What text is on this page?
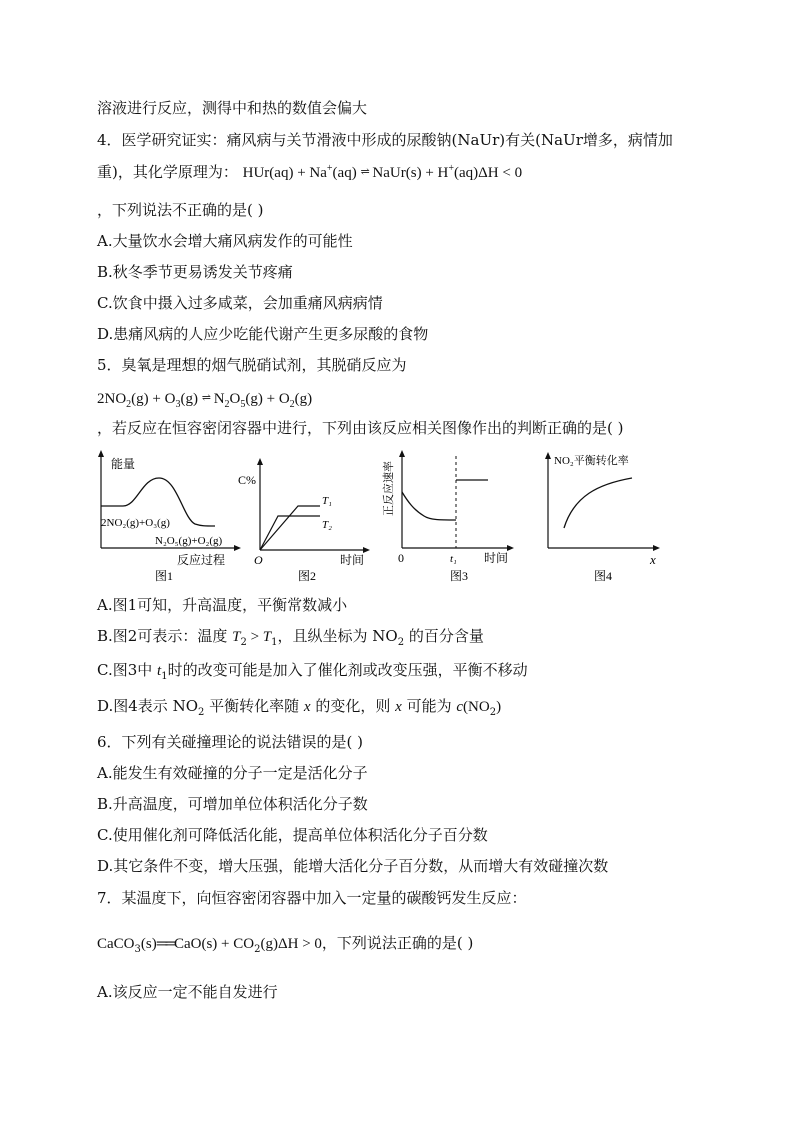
溶液进行反应，测得中和热的数值会偏大
4．医学研究证实：痛风病与关节滑液中形成的尿酸钠(NaUr)有关(NaUr增多，病情加
重)，其化学原理为： HUr(aq) + Na+(aq) ⇌ NaUr(s) + H+(aq)ΔH < 0
，下列说法不正确的是( )
A.大量饮水会增大痛风病发作的可能性
B.秋冬季节更易诱发关节疼痛
C.饮食中摄入过多咸菜，会加重痛风病病情
D.患痛风病的人应少吃能代谢产生更多尿酸的食物
5．臭氧是理想的烟气脱硝试剂，其脱硝反应为
$2NO_2(g) + O_3(g)$ ⇌ $N_2O_5(g) + O_2(g)$
，若反应在恒容密闭容器中进行，下列由该反应相关图像作出的判断正确的是( )
能量
2NO₂(g)+O₃(g)
N₂O₅(g)+O₂(g)
反应过程
图1
C%
T₁
T₂
O	时间
图2
正反应速率
0	t₁ 时间
图3
NO₂平衡转化率
x
图4
A.图1可知，升高温度，平衡常数减小
B.图2可表示：温度 $T_2 > T_1$，且纵坐标为 $NO_2$ 的百分含量
C.图3中 $t_1$时的改变可能是加入了催化剂或改变压强，平衡不移动
D.图4表示 $NO_2$ 平衡转化率随 x 的变化，则 x 可能为 $c(NO_2)$
6．下列有关碰撞理论的说法错误的是( )
A.能发生有效碰撞的分子一定是活化分子
B.升高温度，可增加单位体积活化分子数
C.使用催化剂可降低活化能，提高单位体积活化分子百分数
D.其它条件不变，增大压强，能增大活化分子百分数，从而增大有效碰撞次数
7．某温度下，向恒容密闭容器中加入一定量的碳酸钙发生反应：
CaCO$_3$(s)══CaO(s) + $CO_2(g)\Delta H > 0$，下列说法正确的是( )
A.该反应一定不能自发进行
